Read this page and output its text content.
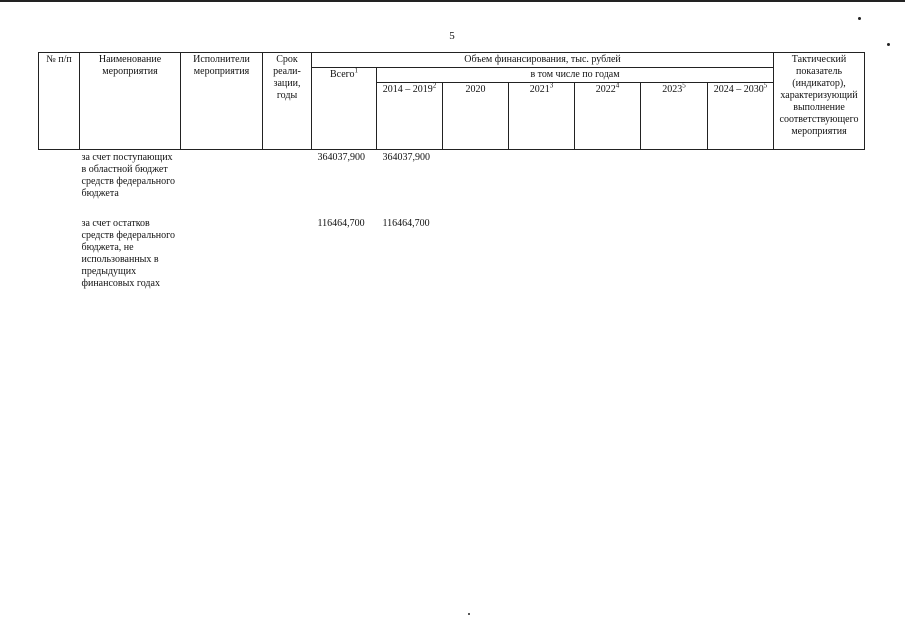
5
№ п/п	Наименование мероприятия	Исполнители мероприятия	Срок реали-зации, годы	Объем финансирования, тыс. рублей							Тактический показатель (индикатор), характеризующий выполнение соответствующего мероприятия
				Всего$^1$	в том числе по годам						
					2014 – 2019$^2$	2020	2021$^3$	2022$^4$	2023$^5$	2024 – 2030$^5$
	за счет поступающих в областной бюджет средств федерального бюджета			364037,900	364037,900						

	за счет остатков средств федерального бюджета, не использованных в предыдущих финансовых годах			116464,700	116464,700						
